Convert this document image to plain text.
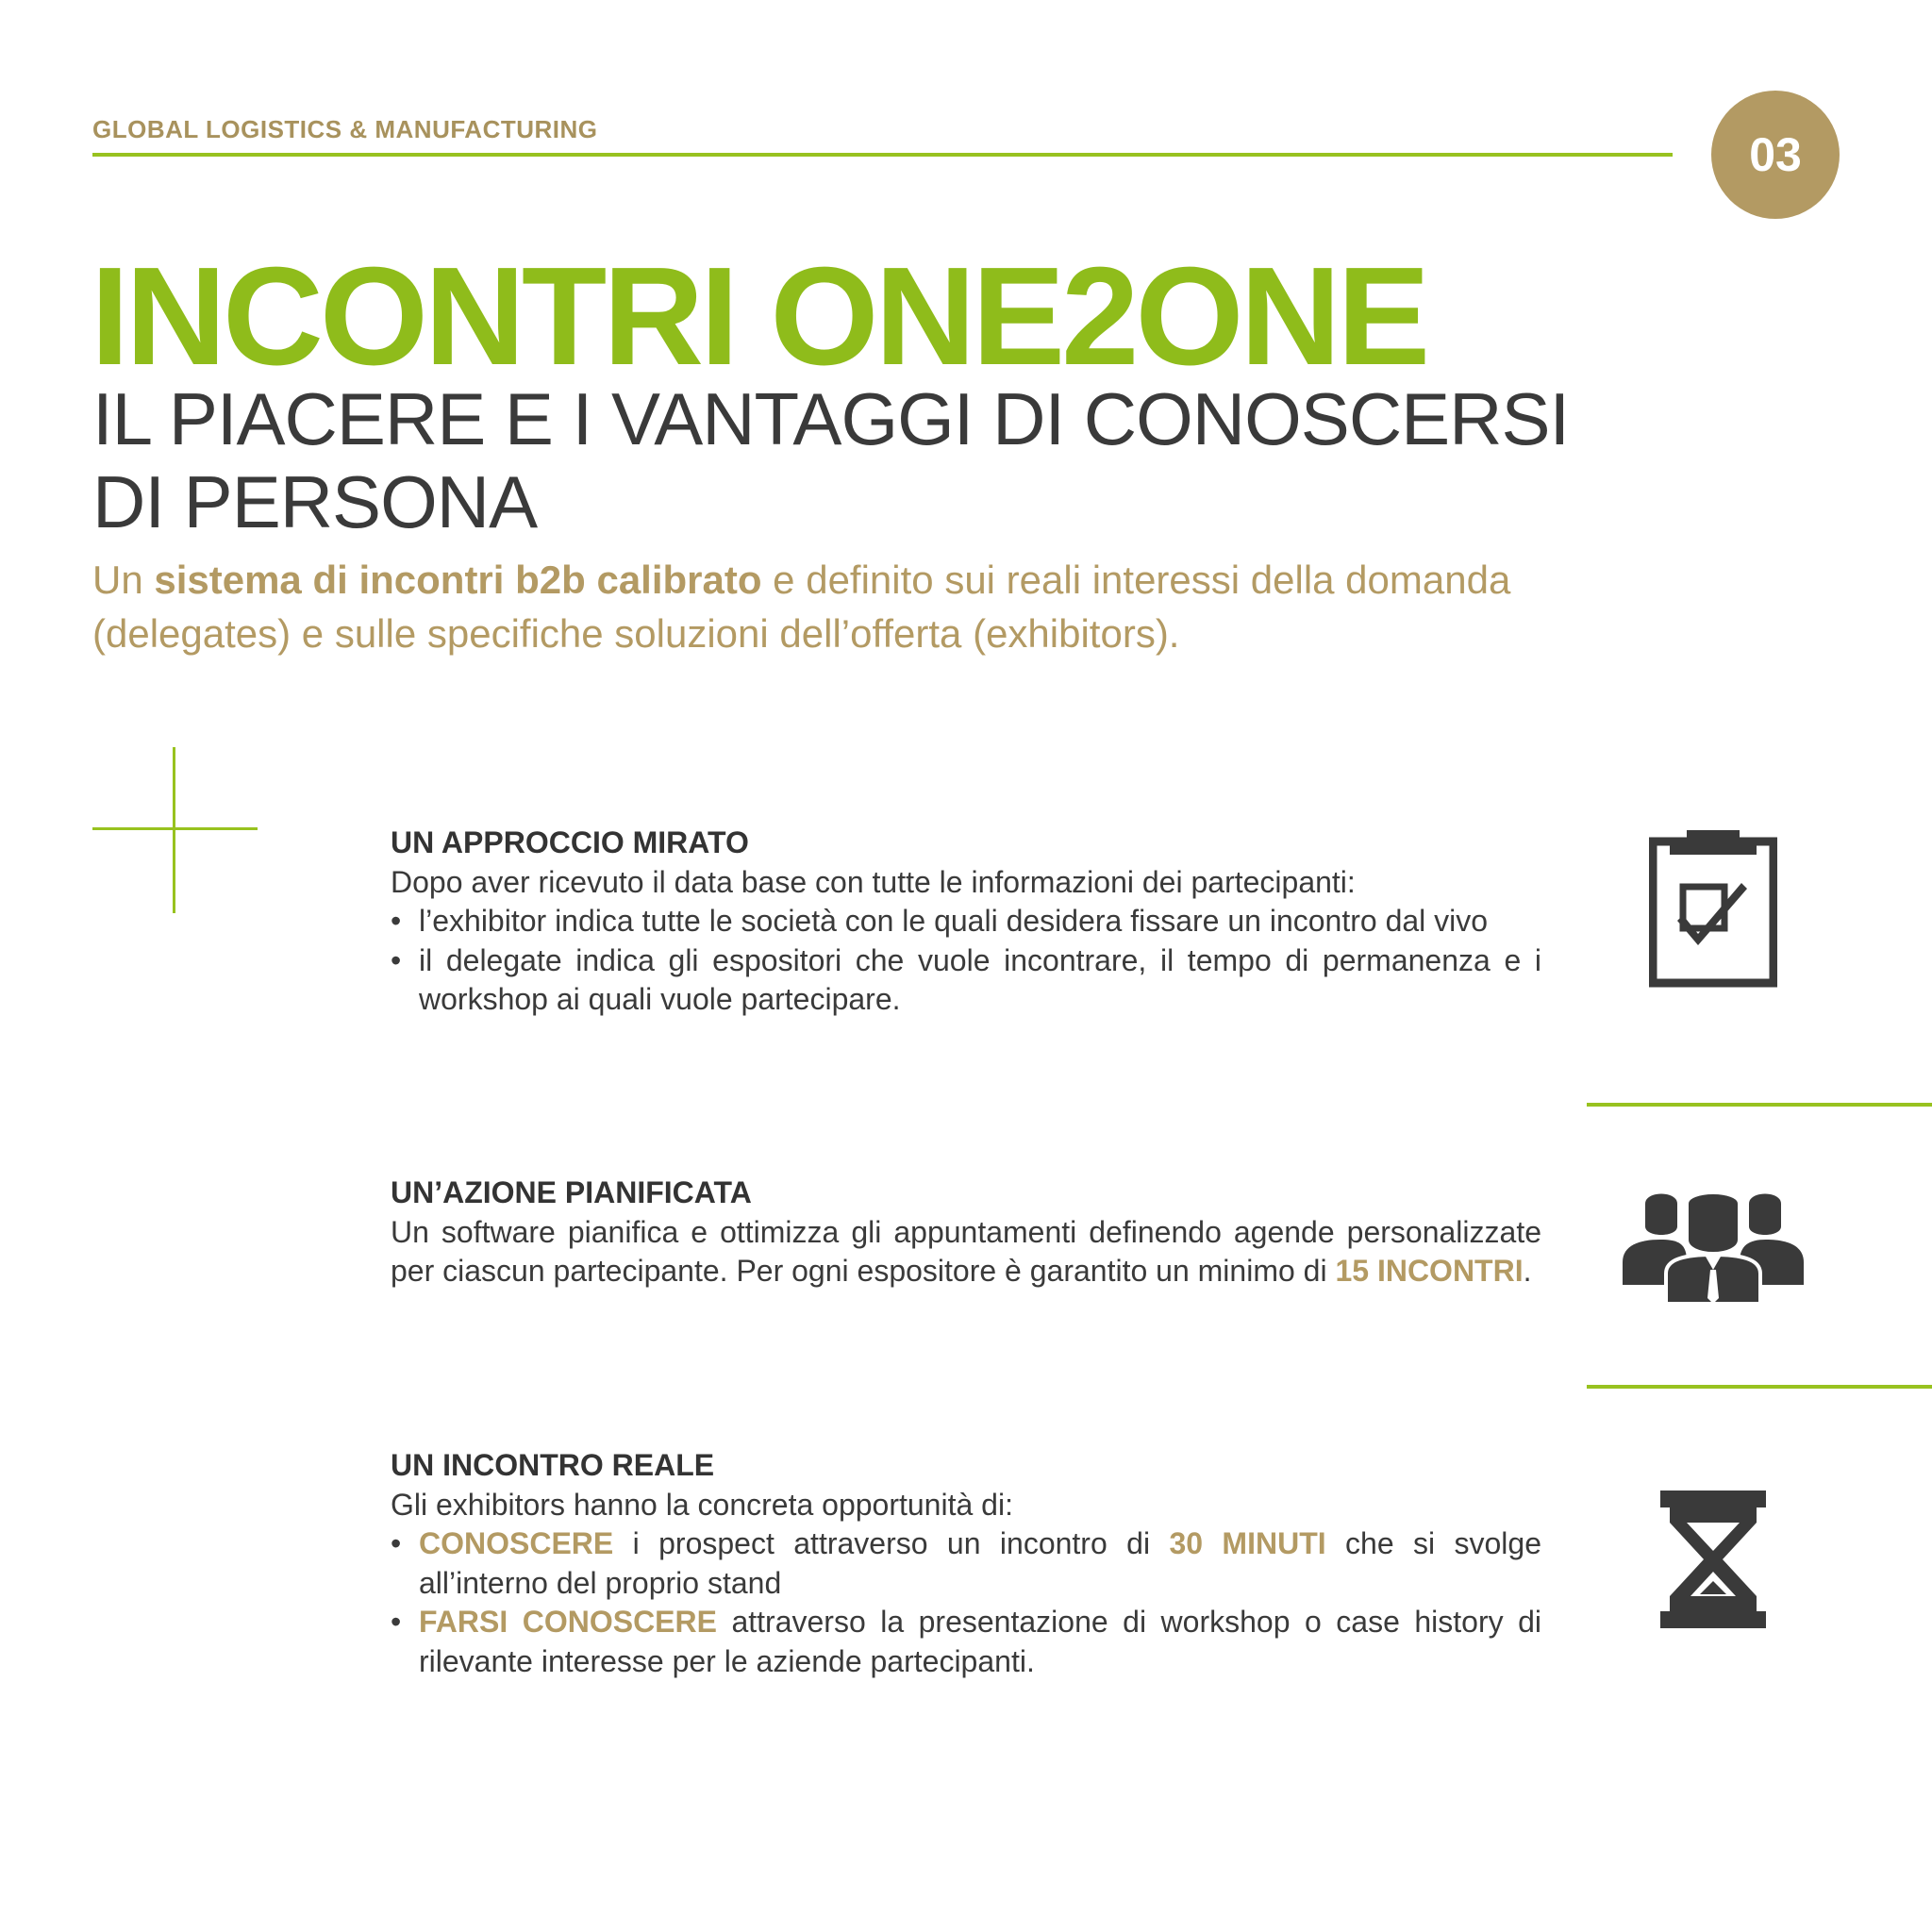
GLOBAL LOGISTICS & MANUFACTURING	03
INCONTRI ONE2ONE
IL PIACERE E I VANTAGGI DI CONOSCERSI
DI PERSONA
Un sistema di incontri b2b calibrato e definito sui reali interessi della domanda
(delegates) e sulle specifiche soluzioni dell’offerta (exhibitors).
UN APPROCCIO MIRATO

Dopo aver ricevuto il data base con tutte le informazioni dei partecipanti:

• l’exhibitor indica tutte le società con le quali desidera fissare un incontro dal vivo
• il delegate indica gli espositori che vuole incontrare, il tempo di permanenza e i workshop ai quali vuole partecipare.
UN’AZIONE PIANIFICATA

Un software pianifica e ottimizza gli appuntamenti definendo agende personalizzate per ciascun partecipante. Per ogni espositore è garantito un minimo di 15 INCONTRI.

UN INCONTRO REALE

Gli exhibitors hanno la concreta opportunità di:

• CONOSCERE i prospect attraverso un incontro di 30 MINUTI che si svolge all’interno del proprio stand
• FARSI CONOSCERE attraverso la presentazione di workshop o case history di rilevante interesse per le aziende partecipanti.
